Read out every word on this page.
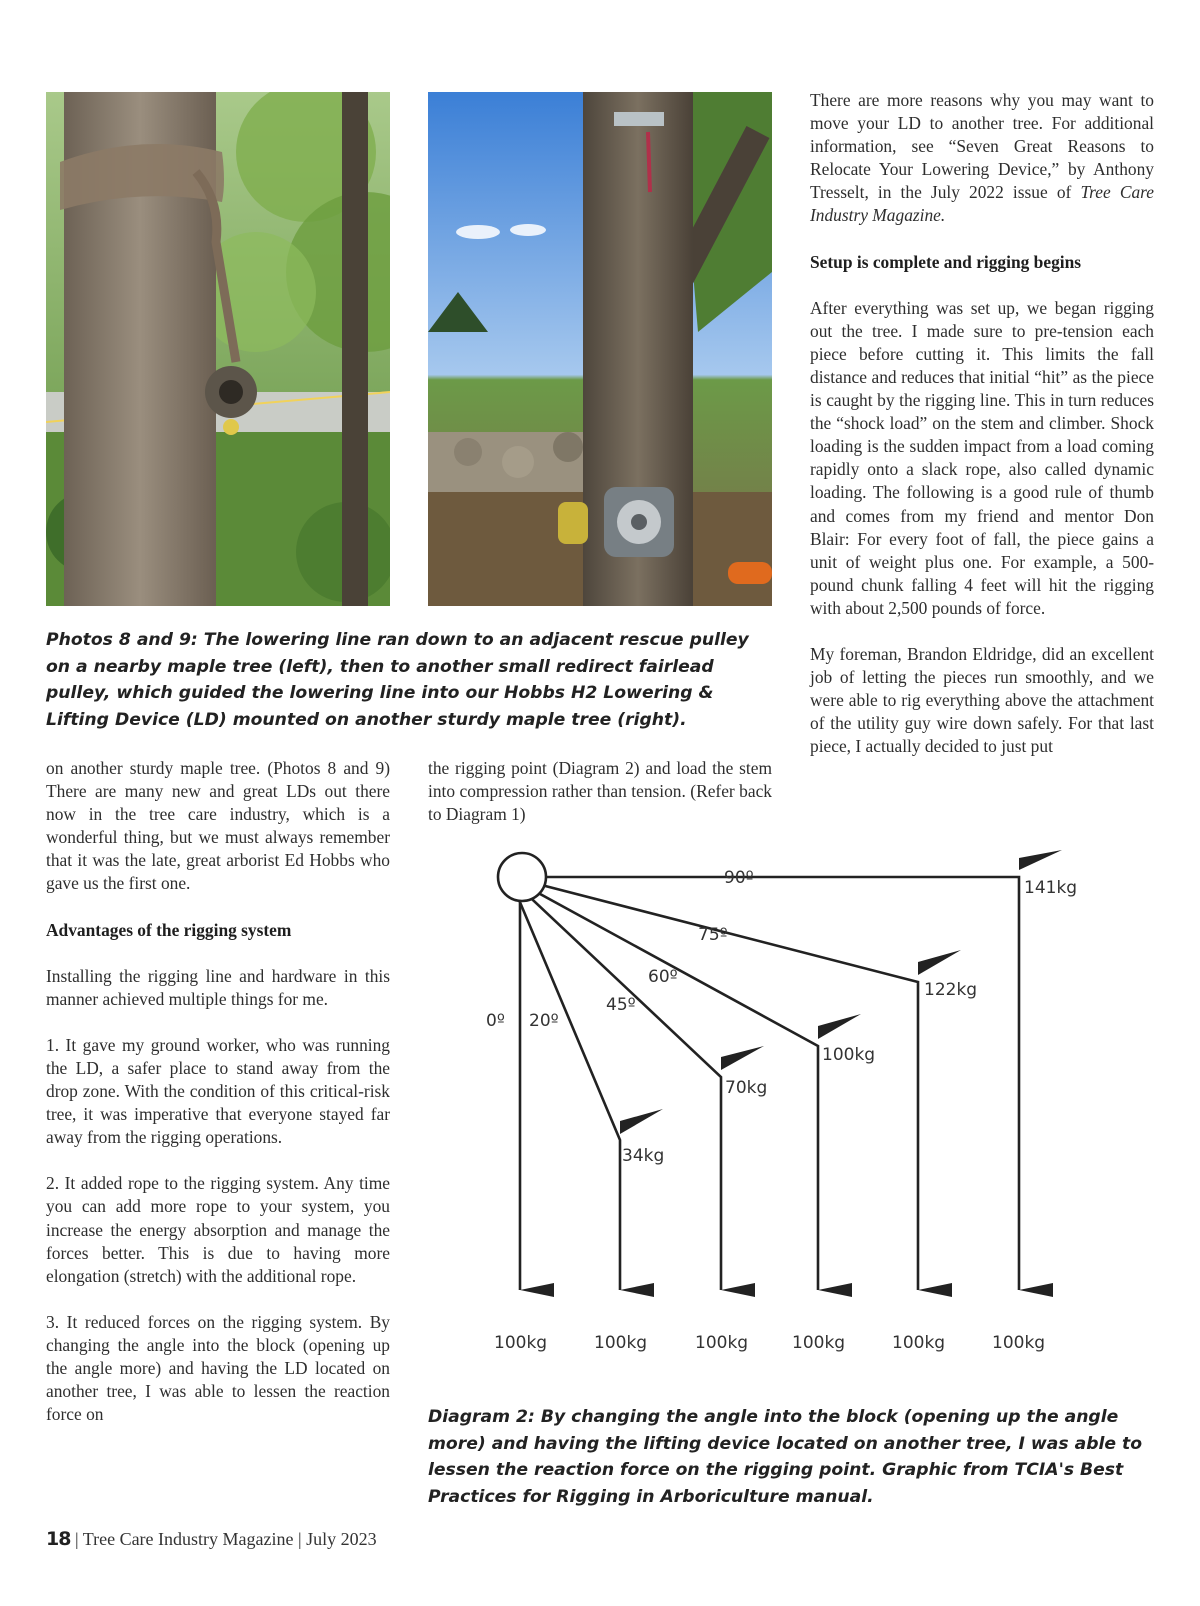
Photos 8 and 9: The lowering line ran down to an adjacent rescue pulley on a nearby maple tree (left), then to another small redirect fairlead pulley, which guided the lowering line into our Hobbs H2 Lowering & Lifting Device (LD) mounted on another sturdy maple tree (right).

on another sturdy maple tree. (Photos 8 and 9) There are many new and great LDs out there now in the tree care industry, which is a wonderful thing, but we must always remember that it was the late, great arborist Ed Hobbs who gave us the first one.

Advantages of the rigging system

Installing the rigging line and hardware in this manner achieved multiple things for me.

1. It gave my ground worker, who was running the LD, a safer place to stand away from the drop zone. With the condition of this critical-risk tree, it was imperative that everyone stayed far away from the rigging operations.

2. It added rope to the rigging system. Any time you can add more rope to your system, you increase the energy absorption and manage the forces better. This is due to having more elongation (stretch) with the additional rope.

3. It reduced forces on the rigging system. By changing the angle into the block (opening up the angle more) and having the LD located on another tree, I was able to lessen the reaction force on

the rigging point (Diagram 2) and load the stem into compression rather than tension. (Refer back to Diagram 1)

There are more reasons why you may want to move your LD to another tree. For additional information, see “Seven Great Reasons to Relocate Your Lowering Device,” by Anthony Tresselt, in the July 2022 issue of Tree Care Industry Magazine.

Setup is complete and rigging begins

After everything was set up, we began rigging out the tree. I made sure to pre-tension each piece before cutting it. This limits the fall distance and reduces that initial “hit” as the piece is caught by the rigging line. This in turn reduces the “shock load” on the stem and climber. Shock loading is the sudden impact from a load coming rapidly onto a slack rope, also called dynamic loading. The following is a good rule of thumb and comes from my friend and mentor Don Blair: For every foot of fall, the piece gains a unit of weight plus one. For example, a 500-pound chunk falling 4 feet will hit the rigging with about 2,500 pounds of force.

My foreman, Brandon Eldridge, did an excellent job of letting the pieces run smoothly, and we were able to rig everything above the attachment of the utility guy wire down safely. For that last piece, I actually decided to just put

0º 20º
45º
60º
75º
90º
34kg
70kg
100kg
122kg
141kg
100kg	100kg	100kg	100kg	100kg	100kg
Diagram 2: By changing the angle into the block (opening up the angle more) and having the lifting device located on another tree, I was able to lessen the reaction force on the rigging point. Graphic from TCIA's Best Practices for Rigging in Arboriculture manual.
18 | Tree Care Industry Magazine | July 2023
